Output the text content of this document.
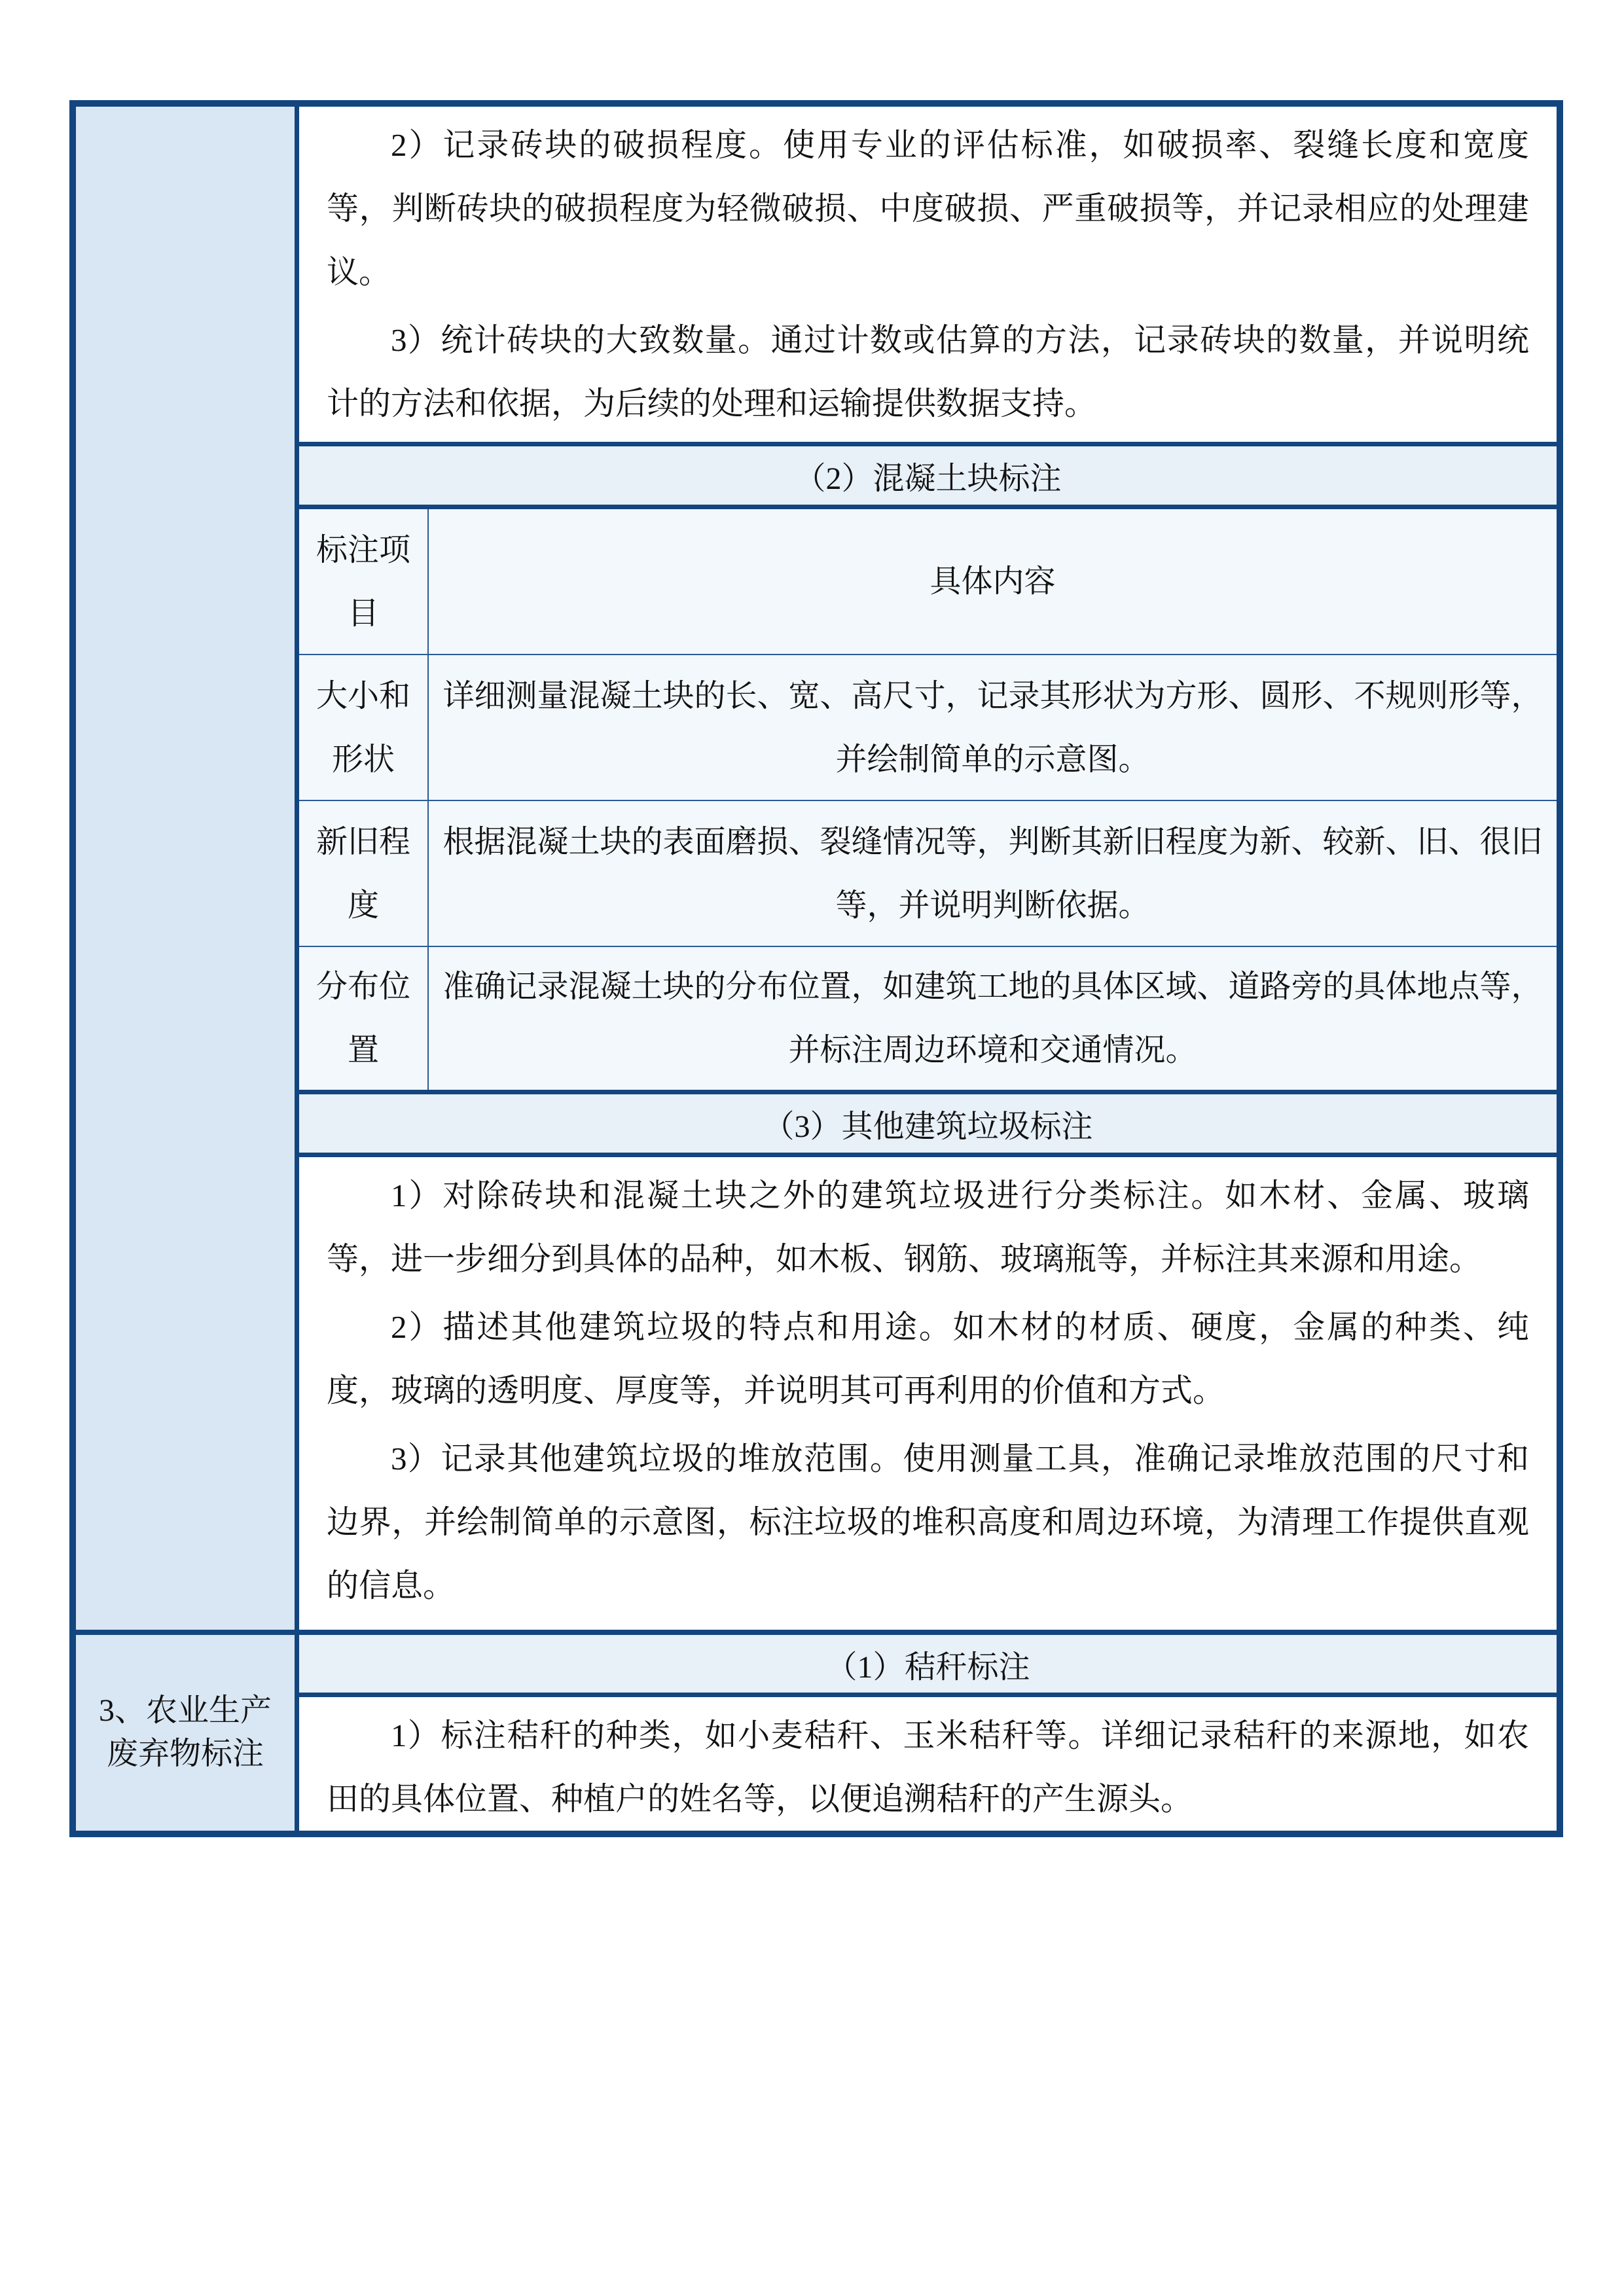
3、农业生产废弃物标注

2）记录砖块的破损程度。使用专业的评估标准，如破损率、裂缝长度和宽度等，判断砖块的破损程度为轻微破损、中度破损、严重破损等，并记录相应的处理建议。

3）统计砖块的大致数量。通过计数或估算的方法，记录砖块的数量，并说明统计的方法和依据，为后续的处理和运输提供数据支持。

（2）混凝土块标注
标注项目
具体内容
大小和形状
详细测量混凝土块的长、宽、高尺寸，记录其形状为方形、圆形、不规则形等，并绘制简单的示意图。
新旧程度
根据混凝土块的表面磨损、裂缝情况等，判断其新旧程度为新、较新、旧、很旧等，并说明判断依据。
分布位置
准确记录混凝土块的分布位置，如建筑工地的具体区域、道路旁的具体地点等，并标注周边环境和交通情况。
（3）其他建筑垃圾标注

1）对除砖块和混凝土块之外的建筑垃圾进行分类标注。如木材、金属、玻璃等，进一步细分到具体的品种，如木板、钢筋、玻璃瓶等，并标注其来源和用途。

2）描述其他建筑垃圾的特点和用途。如木材的材质、硬度，金属的种类、纯度，玻璃的透明度、厚度等，并说明其可再利用的价值和方式。

3）记录其他建筑垃圾的堆放范围。使用测量工具，准确记录堆放范围的尺寸和边界，并绘制简单的示意图，标注垃圾的堆积高度和周边环境，为清理工作提供直观的信息。

（1）秸秆标注

1）标注秸秆的种类，如小麦秸秆、玉米秸秆等。详细记录秸秆的来源地，如农田的具体位置、种植户的姓名等，以便追溯秸秆的产生源头。
